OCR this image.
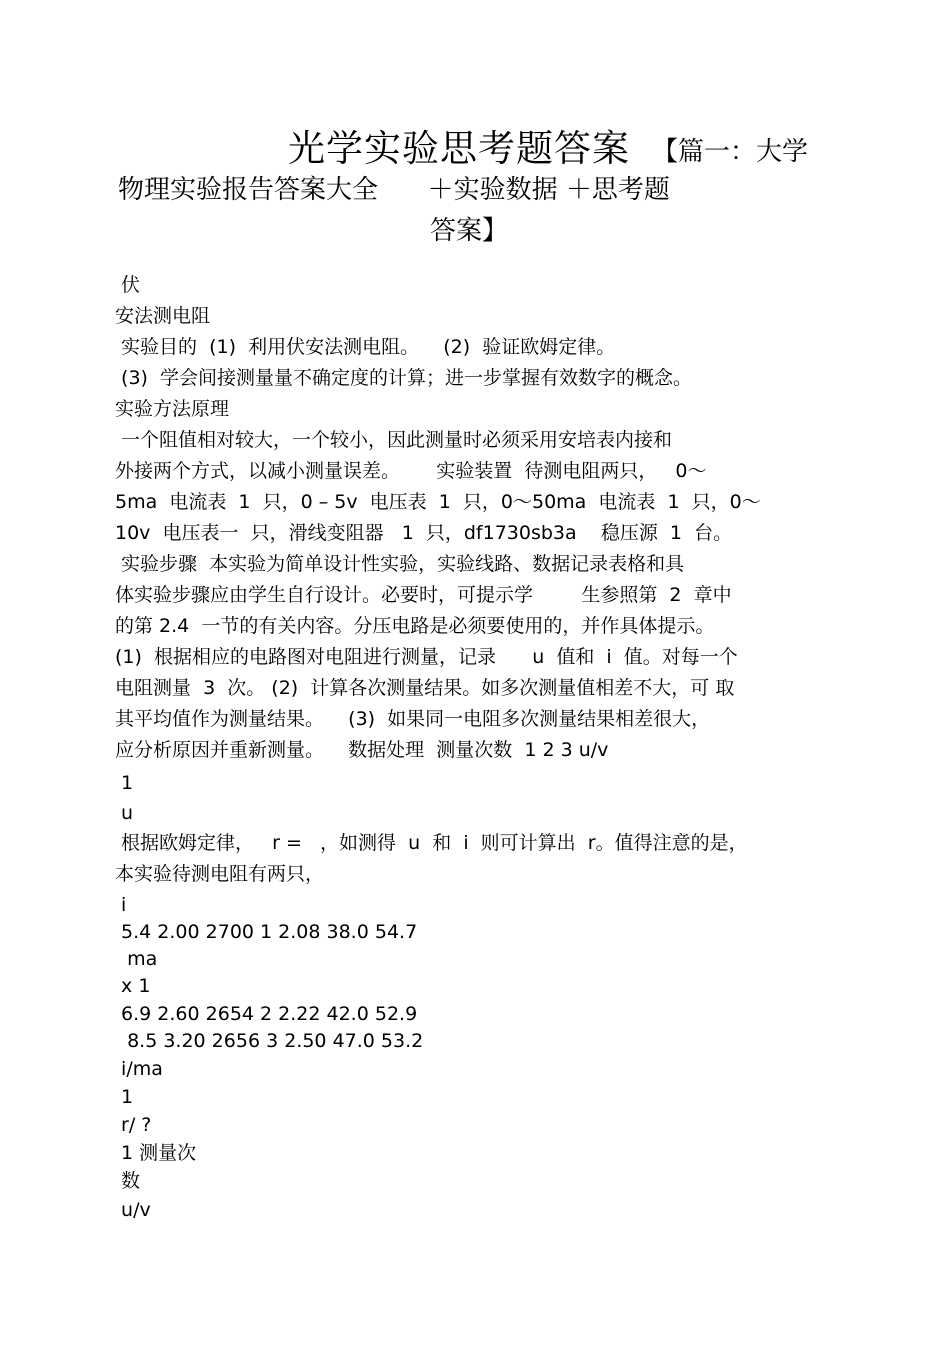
光学实验思考题答案 【篇一：大学
物理实验报告答案大全      ＋实验数据 ＋思考题
答案】
伏
安法测电阻
实验目的  (1)  利用伏安法测电阻。    (2)  验证欧姆定律。
(3)  学会间接测量量不确定度的计算；进一步掌握有效数字的概念。
实验方法原理
一个阻值相对较大，一个较小，因此测量时必须采用安培表内接和
外接两个方式，以减小测量误差。      实验装置  待测电阻两只，   0～
5ma  电流表  1  只，0 – 5v  电压表  1  只，0～50ma  电流表  1  只，0～
10v  电压表一  只，滑线变阻器   1  只，df1730sb3a    稳压源  1  台。
实验步骤  本实验为简单设计性实验，实验线路、数据记录表格和具
体实验步骤应由学生自行设计。必要时，可提示学        生参照第  2  章中
的第 2.4  一节的有关内容。分压电路是必须要使用的，并作具体提示。
(1)  根据相应的电路图对电阻进行测量，记录      u  值和  i  值。对每一个
电阻测量  3  次。 (2)  计算各次测量结果。如多次测量值相差不大，可 取
其平均值作为测量结果。    (3)  如果同一电阻多次测量结果相差很大，
应分析原因并重新测量。    数据处理  测量次数  1 2 3 u/v
1
u
根据欧姆定律，   r =   ，如测得  u  和  i  则可计算出  r。值得注意的是，
本实验待测电阻有两只，
i
5.4 2.00 2700 1 2.08 38.0 54.7
ma
x 1
6.9 2.60 2654 2 2.22 42.0 52.9
8.5 3.20 2656 3 2.50 47.0 53.2
i/ma
1
r/ ?
1 测量次
数
u/v
